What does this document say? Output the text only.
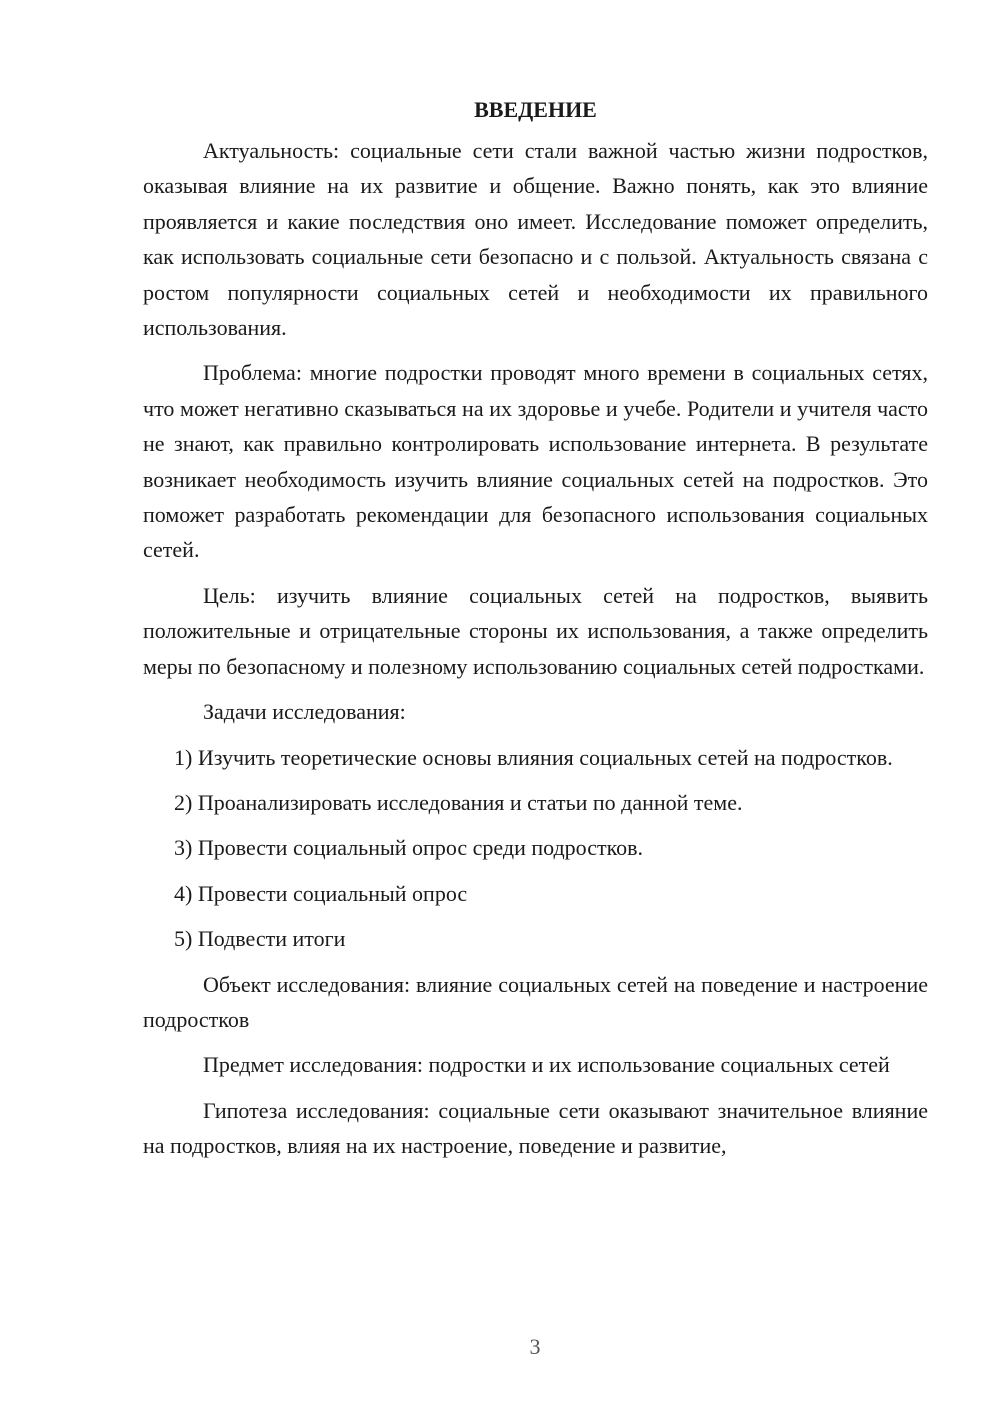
ВВЕДЕНИЕ

Актуальность: социальные сети стали важной частью жизни подростков, оказывая влияние на их развитие и общение. Важно понять, как это влияние проявляется и какие последствия оно имеет. Исследование поможет определить, как использовать социальные сети безопасно и с пользой. Актуальность связана с ростом популярности социальных сетей и необходимости их правильного использования.

Проблема: многие подростки проводят много времени в социальных сетях, что может негативно сказываться на их здоровье и учебе. Родители и учителя часто не знают, как правильно контролировать использование интернета. В результате возникает необходимость изучить влияние социальных сетей на подростков. Это поможет разработать рекомендации для безопасного использования социальных сетей.

Цель: изучить влияние социальных сетей на подростков, выявить положительные и отрицательные стороны их использования, а также определить меры по безопасному и полезному использованию социальных сетей подростками.

Задачи исследования:

1) Изучить теоретические основы влияния социальных сетей на подростков.

2) Проанализировать исследования и статьи по данной теме.

3) Провести социальный опрос среди подростков.

4) Провести социальный опрос

5) Подвести итоги

Объект исследования: влияние социальных сетей на поведение и настроение подростков

Предмет исследования: подростки и их использование социальных сетей

Гипотеза исследования: социальные сети оказывают значительное влияние на подростков, влияя на их настроение, поведение и развитие,

3
